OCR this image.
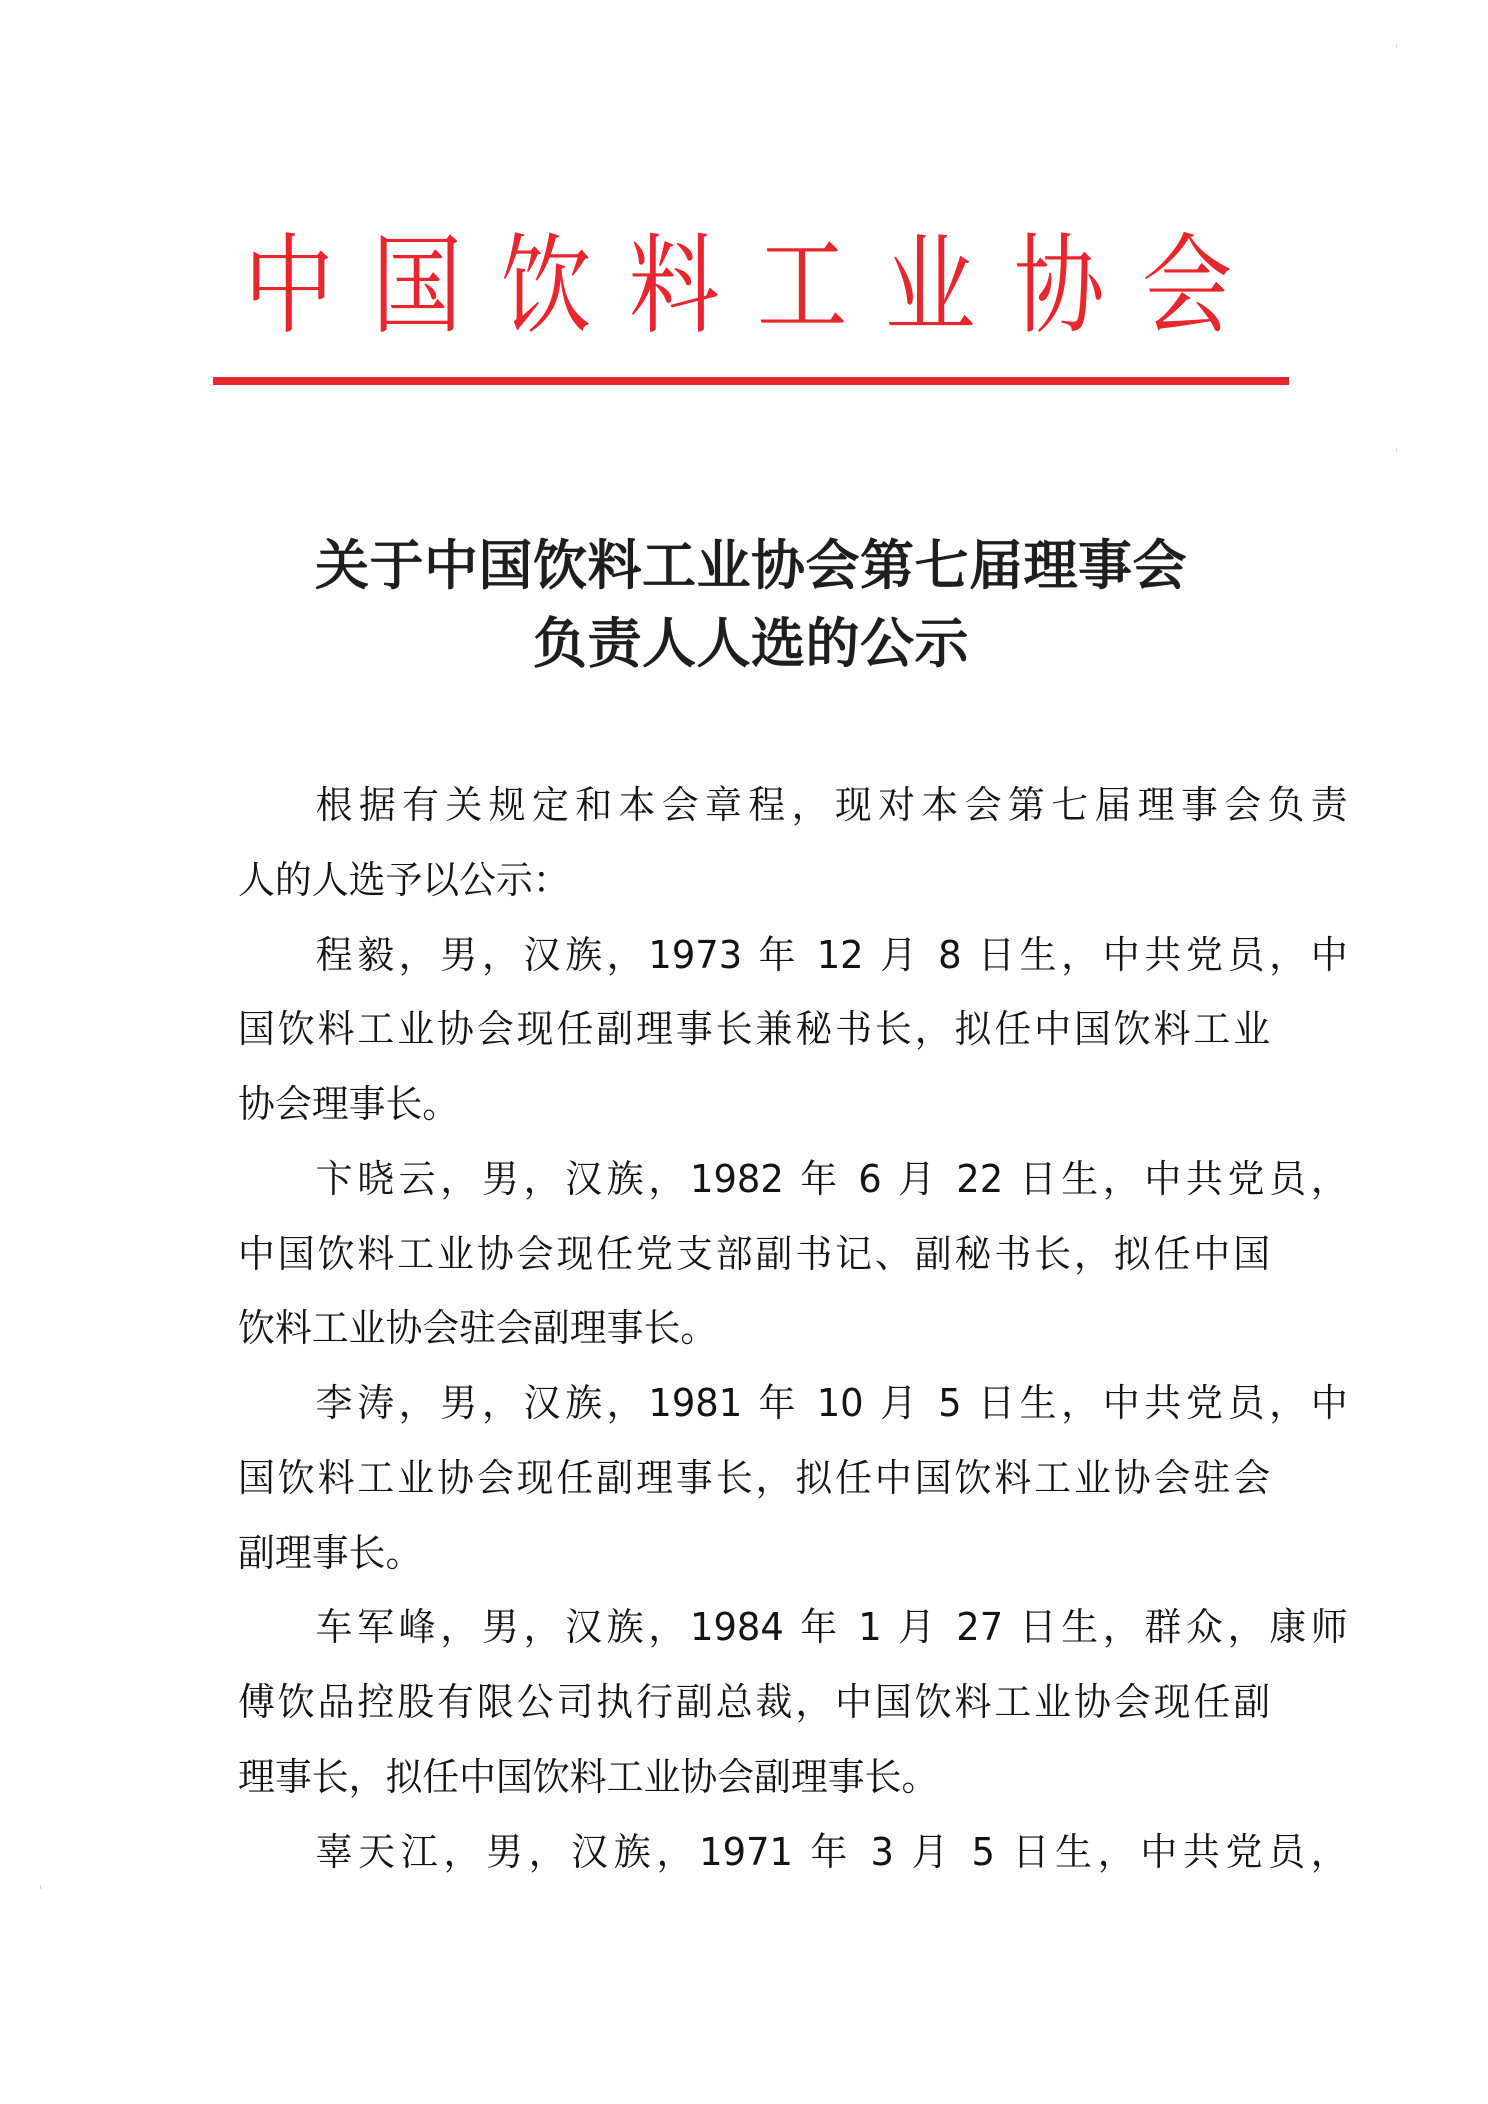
中 国 饮 料 工 业 协 会
关于中国饮料工业协会第七届理事会
负责人人选的公示
根据有关规定和本会章程，现对本会第七届理事会负责
人的人选予以公示：
程毅，男，汉族，1973 年 12 月 8 日生，中共党员，中
国饮料工业协会现任副理事长兼秘书长，拟任中国饮料工业
协会理事长。
卞晓云，男，汉族，1982 年 6 月 22 日生，中共党员，
中国饮料工业协会现任党支部副书记、副秘书长，拟任中国
饮料工业协会驻会副理事长。
李涛，男，汉族，1981 年 10 月 5 日生，中共党员，中
国饮料工业协会现任副理事长，拟任中国饮料工业协会驻会
副理事长。
车军峰，男，汉族，1984 年 1 月 27 日生，群众，康师
傅饮品控股有限公司执行副总裁，中国饮料工业协会现任副
理事长，拟任中国饮料工业协会副理事长。
辜天江，男，汉族，1971 年 3 月 5 日生，中共党员，
